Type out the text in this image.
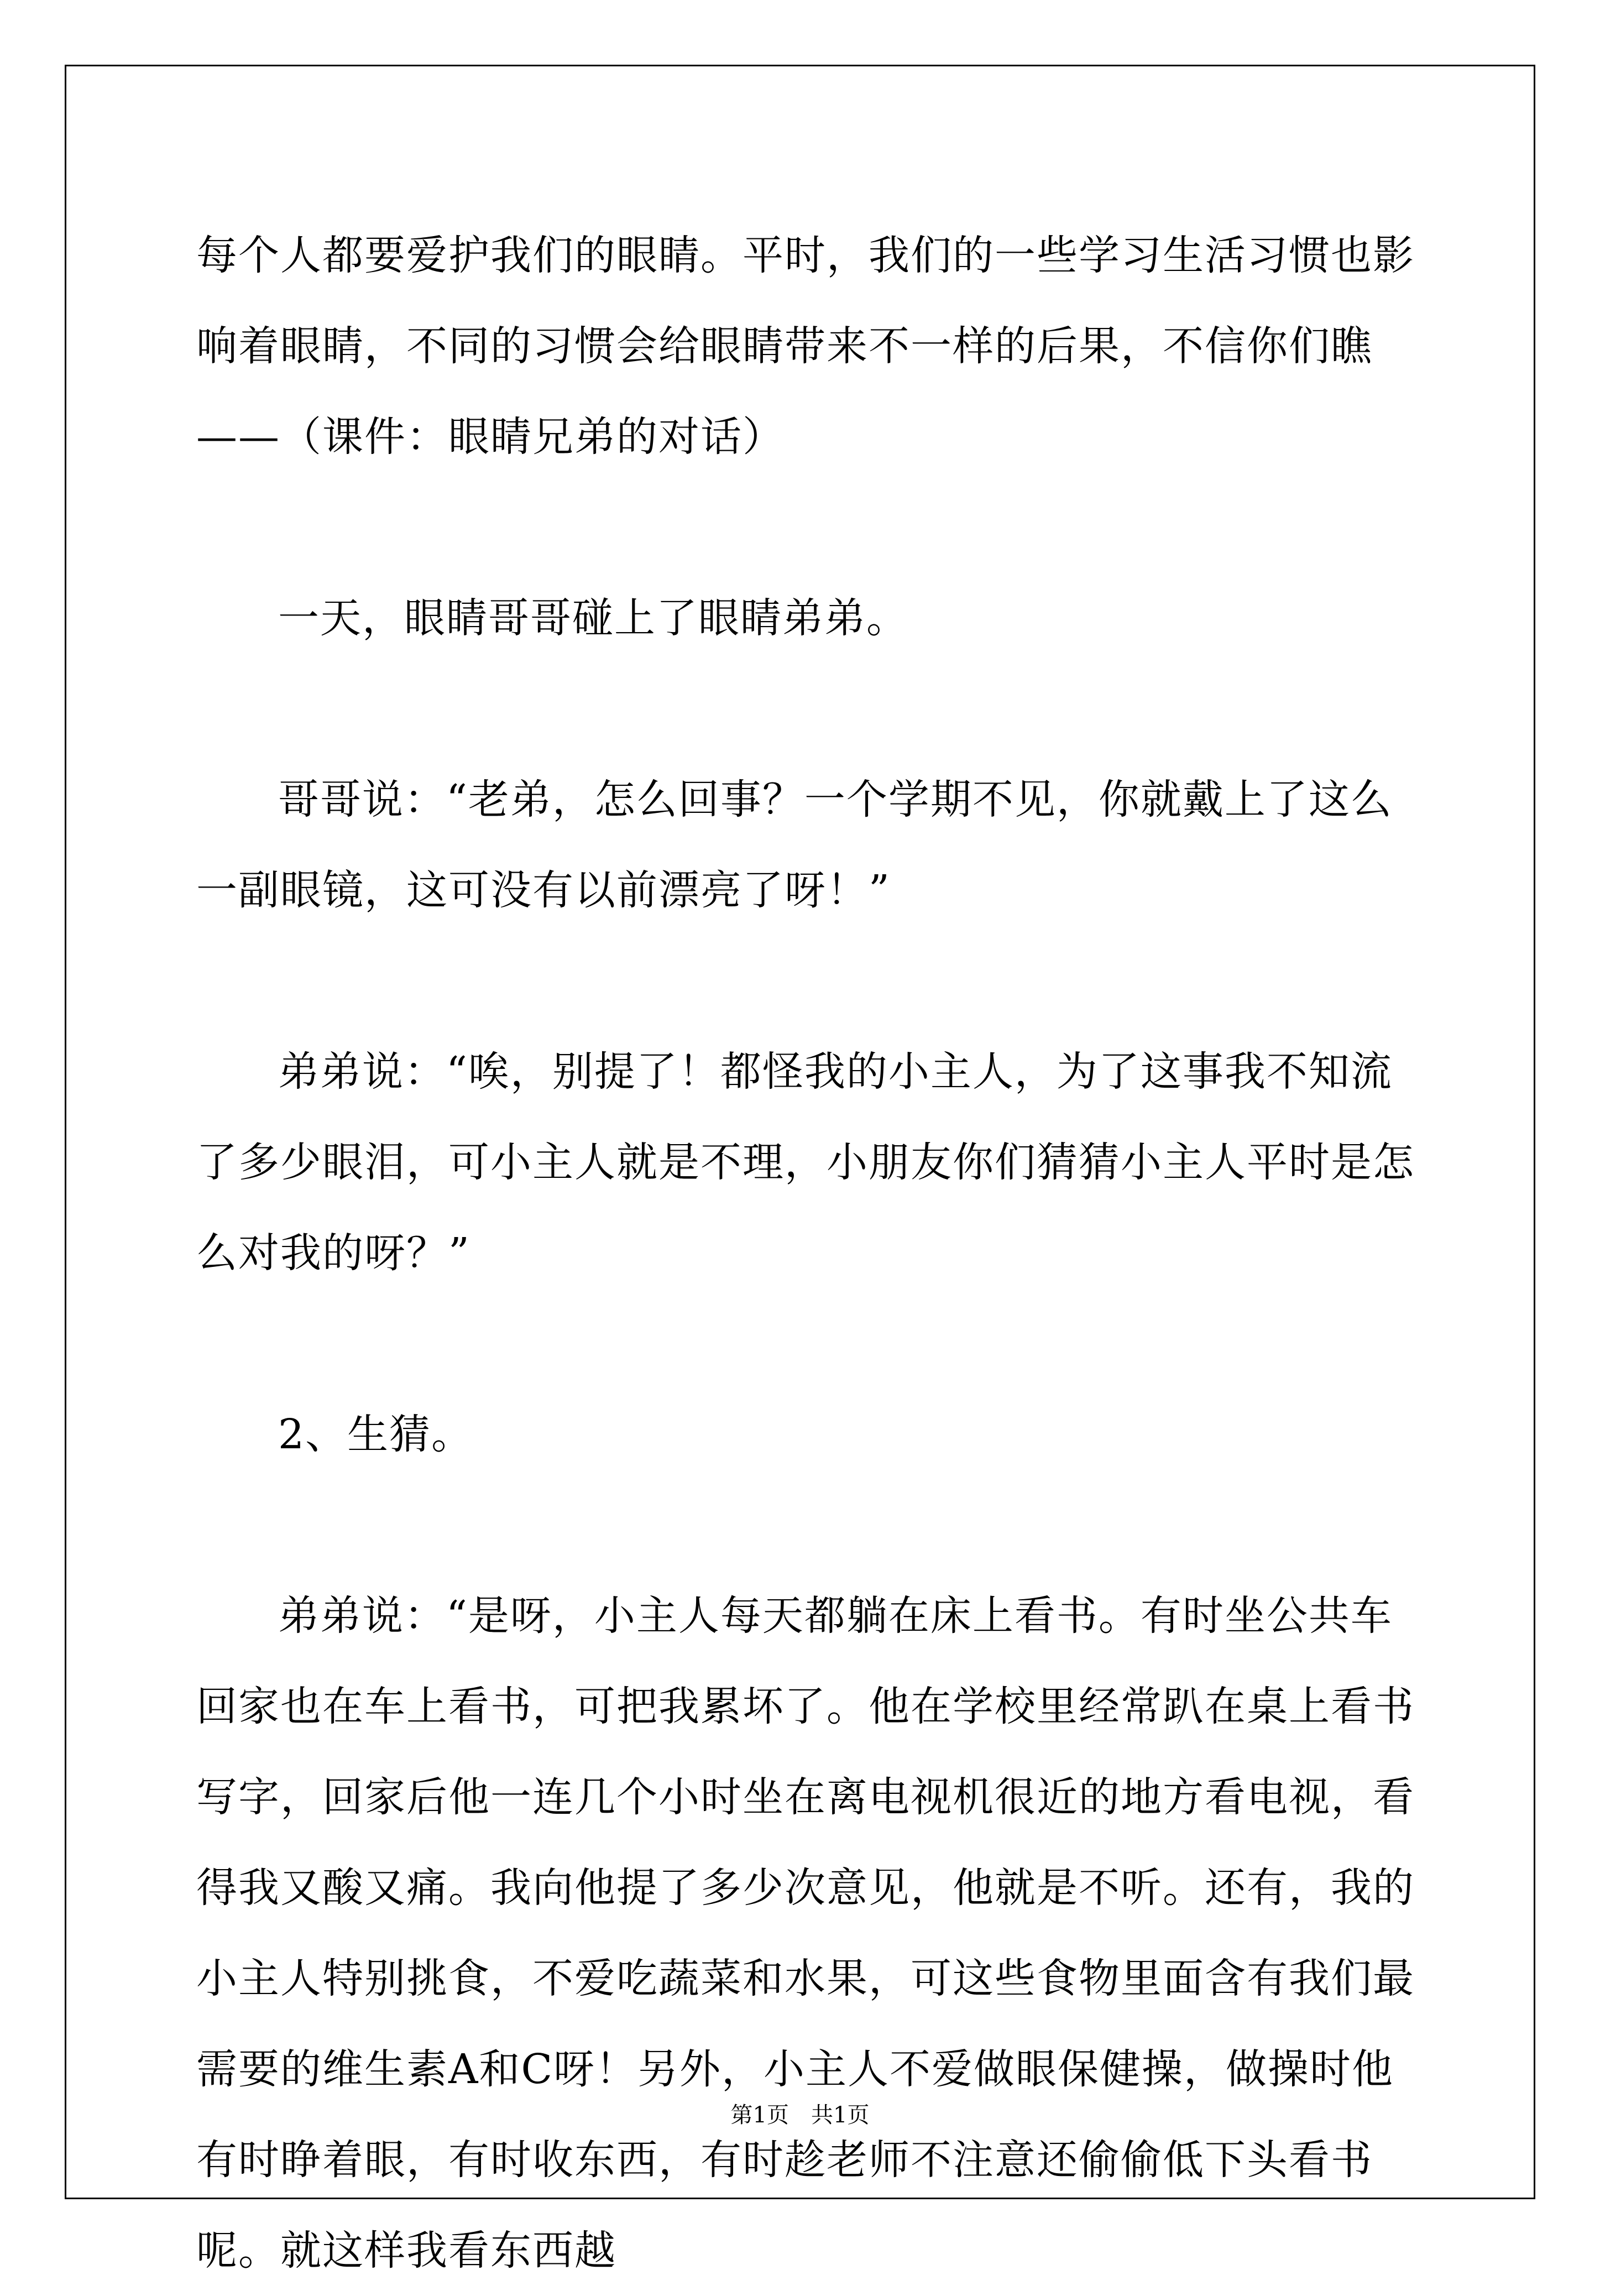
每个人都要爱护我们的眼睛。平时，我们的一些学习生活习惯也影响着眼睛，不同的习惯会给眼睛带来不一样的后果，不信你们瞧——（课件：眼睛兄弟的对话）

一天，眼睛哥哥碰上了眼睛弟弟。

哥哥说：“老弟，怎么回事？一个学期不见，你就戴上了这么一副眼镜，这可没有以前漂亮了呀！”

弟弟说：“唉，别提了！都怪我的小主人，为了这事我不知流了多少眼泪，可小主人就是不理，小朋友你们猜猜小主人平时是怎么对我的呀？”

2、生猜。

弟弟说：“是呀，小主人每天都躺在床上看书。有时坐公共车回家也在车上看书，可把我累坏了。他在学校里经常趴在桌上看书写字，回家后他一连几个小时坐在离电视机很近的地方看电视，看得我又酸又痛。我向他提了多少次意见，他就是不听。还有，我的小主人特别挑食，不爱吃蔬菜和水果，可这些食物里面含有我们最需要的维生素A和C呀！另外，小主人不爱做眼保健操，做操时他有时睁着眼，有时收东西，有时趁老师不注意还偷偷低下头看书呢。就这样我看东西越

第1页　共1页
